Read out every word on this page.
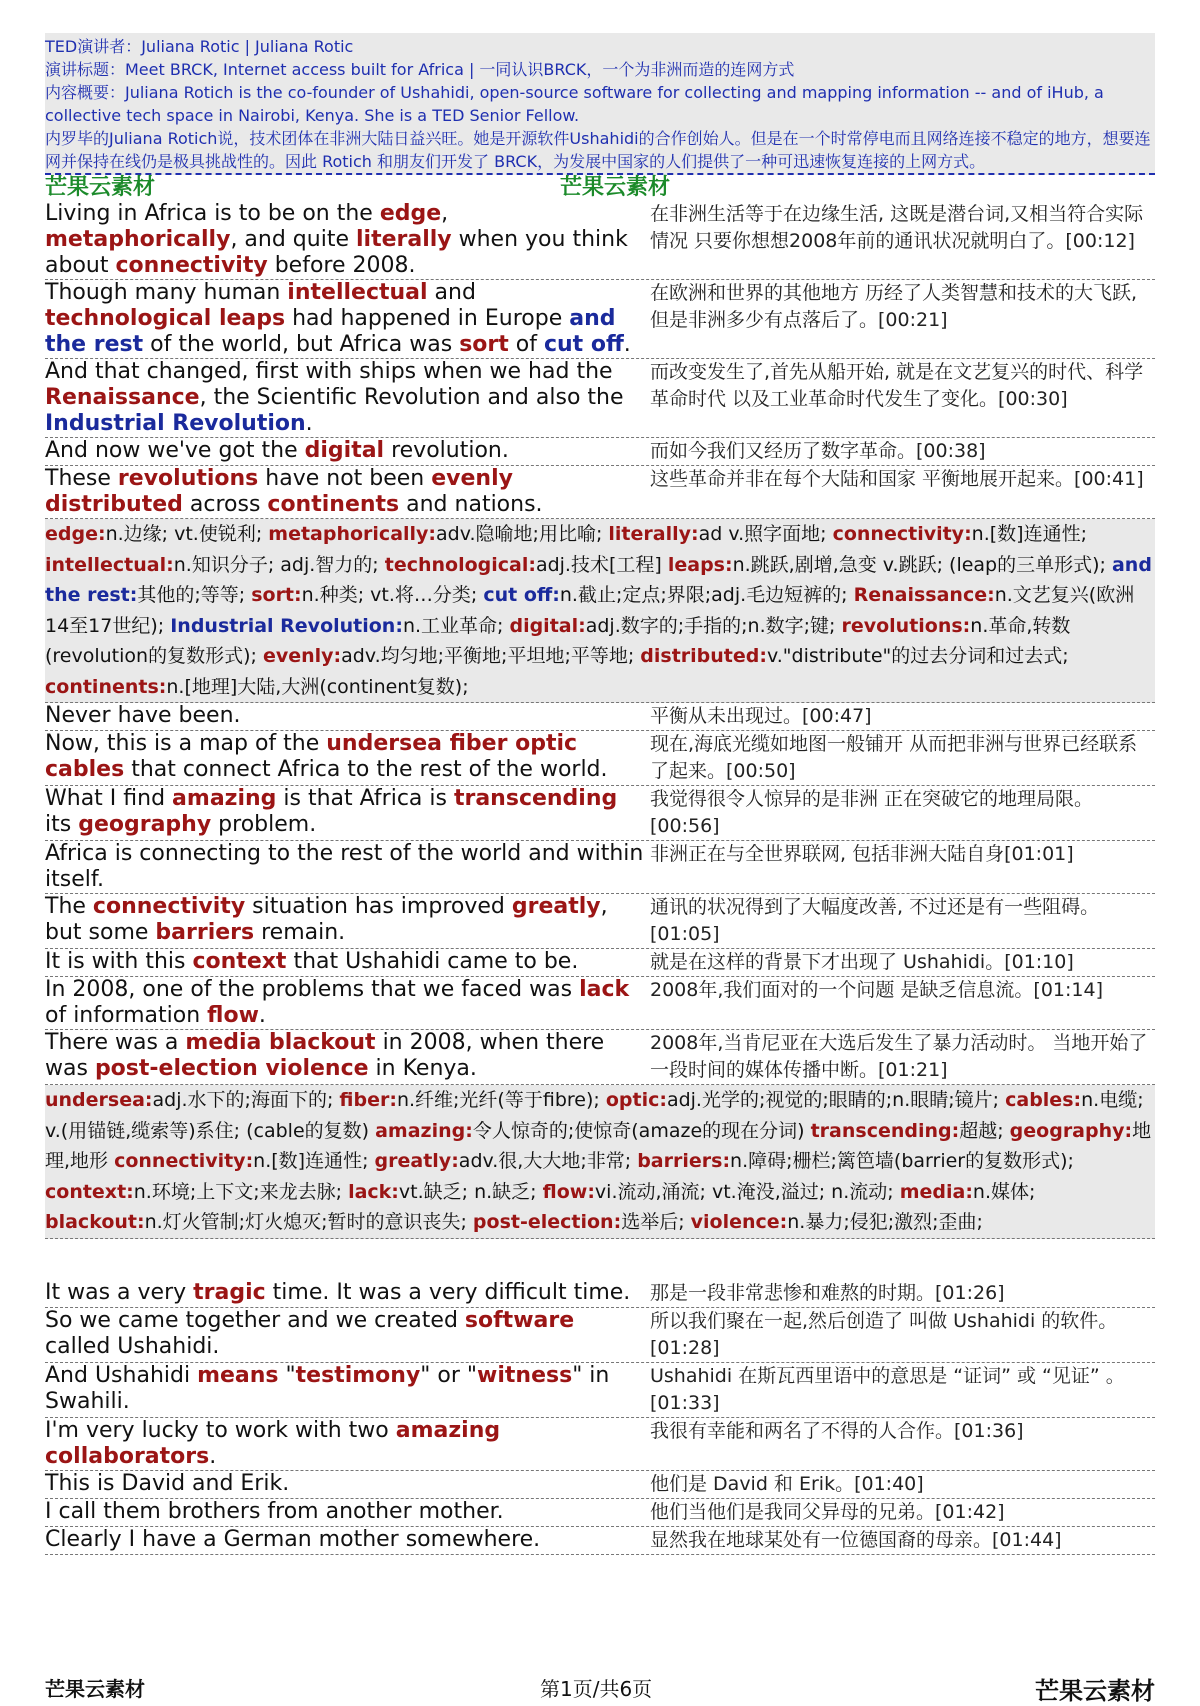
TED演讲者：Juliana Rotic | Juliana Rotic
演讲标题：Meet BRCK, Internet access built for Africa | 一同认识BRCK，一个为非洲而造的连网方式
内容概要：Juliana Rotich is the co-founder of Ushahidi, open-source software for collecting and mapping information -- and of iHub, a collective tech space in Nairobi, Kenya. She is a TED Senior Fellow.
内罗毕的Juliana Rotich说，技术团体在非洲大陆日益兴旺。她是开源软件Ushahidi的合作创始人。但是在一个时常停电而且网络连接不稳定的地方，想要连网并保持在线仍是极具挑战性的。因此 Rotich 和朋友们开发了 BRCK，为发展中国家的人们提供了一种可迅速恢复连接的上网方式。
芒果云素材	芒果云素材
Living in Africa is to be on the edge, metaphorically, and quite literally when you think about connectivity before 2008.
在非洲生活等于在边缘生活, 这既是潜台词,又相当符合实际情况 只要你想想2008年前的通讯状况就明白了。[00:12]
Though many human intellectual and technological leaps had happened in Europe and the rest of the world, but Africa was sort of cut off.
在欧洲和世界的其他地方 历经了人类智慧和技术的大飞跃, 但是非洲多少有点落后了。[00:21]
And that changed, first with ships when we had the Renaissance, the Scientific Revolution and also the Industrial Revolution.
而改变发生了,首先从船开始, 就是在文艺复兴的时代、科学革命时代 以及工业革命时代发生了变化。[00:30]
And now we've got the digital revolution.	而如今我们又经历了数字革命。[00:38]
These revolutions have not been evenly distributed across continents and nations.
这些革命并非在每个大陆和国家 平衡地展开起来。[00:41]
edge:n.边缘; vt.使锐利; metaphorically:adv.隐喻地;用比喻; literally:ad v.照字面地; connectivity:n.[数]连通性; intellectual:n.知识分子; adj.智力的; technological:adj.技术[工程] leaps:n.跳跃,剧增,急变 v.跳跃; (leap的三单形式); and the rest:其他的;等等; sort:n.种类; vt.将…分类; cut off:n.截止;定点;界限;adj.毛边短裤的; Renaissance:n.文艺复兴(欧洲14至17世纪); Industrial Revolution:n.工业革命; digital:adj.数字的;手指的;n.数字;键; revolutions:n.革命,转数(revolution的复数形式); evenly:adv.均匀地;平衡地;平坦地;平等地; distributed:v."distribute"的过去分词和过去式; continents:n.[地理]大陆,大洲(continent复数);
Never have been.	平衡从未出现过。[00:47]
Now, this is a map of the undersea fiber optic cables that connect Africa to the rest of the world.
现在,海底光缆如地图一般铺开 从而把非洲与世界已经联系了起来。[00:50]
What I find amazing is that Africa is transcending its geography problem.
我觉得很令人惊异的是非洲 正在突破它的地理局限。[00:56]
Africa is connecting to the rest of the world and within itself.
非洲正在与全世界联网, 包括非洲大陆自身[01:01]
The connectivity situation has improved greatly, but some barriers remain.
通讯的状况得到了大幅度改善, 不过还是有一些阻碍。[01:05]
It is with this context that Ushahidi came to be.	就是在这样的背景下才出现了 Ushahidi。[01:10]
In 2008, one of the problems that we faced was lack of information flow.
2008年,我们面对的一个问题 是缺乏信息流。[01:14]
There was a media blackout in 2008, when there was post-election violence in Kenya.
2008年,当肯尼亚在大选后发生了暴力活动时。 当地开始了一段时间的媒体传播中断。[01:21]
undersea:adj.水下的;海面下的; fiber:n.纤维;光纤(等于fibre); optic:adj.光学的;视觉的;眼睛的;n.眼睛;镜片; cables:n.电缆; v.(用锚链,缆索等)系住; (cable的复数) amazing:令人惊奇的;使惊奇(amaze的现在分词) transcending:超越; geography:地理,地形 connectivity:n.[数]连通性; greatly:adv.很,大大地;非常; barriers:n.障碍;栅栏;篱笆墙(barrier的复数形式); context:n.环境;上下文;来龙去脉; lack:vt.缺乏; n.缺乏; flow:vi.流动,涌流; vt.淹没,溢过; n.流动; media:n.媒体; blackout:n.灯火管制;灯火熄灭;暂时的意识丧失; post-election:选举后; violence:n.暴力;侵犯;激烈;歪曲;
It was a very tragic time. It was a very difficult time.	那是一段非常悲惨和难熬的时期。[01:26]
So we came together and we created software called Ushahidi.
所以我们聚在一起,然后创造了 叫做 Ushahidi 的软件。[01:28]
And Ushahidi means "testimony" or "witness" in Swahili.
Ushahidi 在斯瓦西里语中的意思是 “证词” 或 “见证” 。[01:33]
I'm very lucky to work with two amazing collaborators.
我很有幸能和两名了不得的人合作。[01:36]
This is David and Erik.	他们是 David 和 Erik。[01:40]
I call them brothers from another mother.	他们当他们是我同父异母的兄弟。[01:42]
Clearly I have a German mother somewhere.	显然我在地球某处有一位德国裔的母亲。[01:44]
芒果云素材	第1页/共6页	芒果云素材
